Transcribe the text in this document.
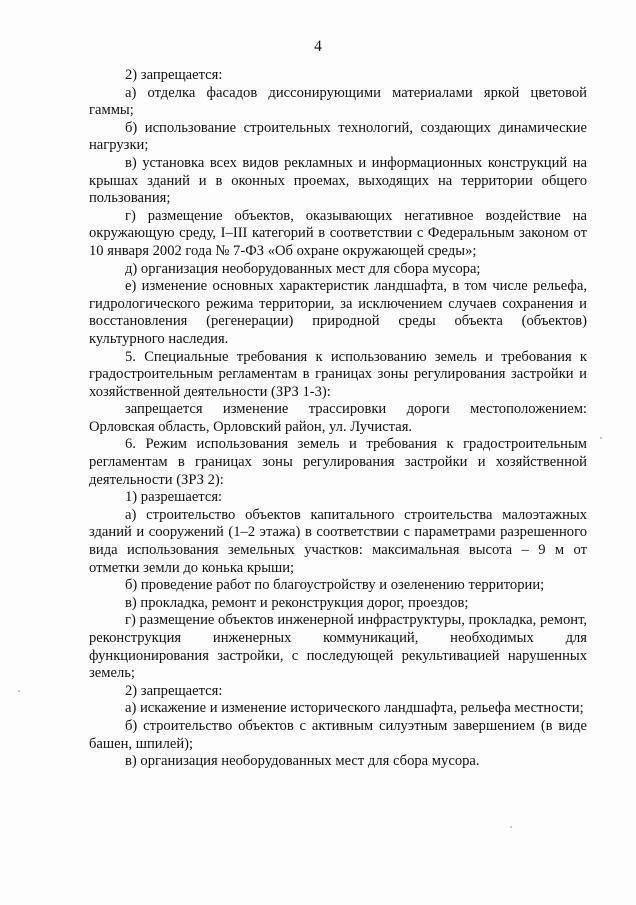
4

2) запрещается:

а) отделка фасадов диссонирующими материалами яркой цветовой гаммы;

б) использование строительных технологий, создающих динамические нагрузки;

в) установка всех видов рекламных и информационных конструкций на крышах зданий и в оконных проемах, выходящих на территории общего пользования;

г) размещение объектов, оказывающих негативное воздействие на окружающую среду, I–III категорий в соответствии с Федеральным законом от 10 января 2002 года № 7-ФЗ «Об охране окружающей среды»;

д) организация необорудованных мест для сбора мусора;

е) изменение основных характеристик ландшафта, в том числе рельефа, гидрологического режима территории, за исключением случаев сохранения и восстановления (регенерации) природной среды объекта (объектов) культурного наследия.

5. Специальные требования к использованию земель и требования к градостроительным регламентам в границах зоны регулирования застройки и хозяйственной деятельности (ЗРЗ 1-3):

запрещается изменение трассировки дороги местоположением: Орловская область, Орловский район, ул. Лучистая.

6. Режим использования земель и требования к градостроительным регламентам в границах зоны регулирования застройки и хозяйственной деятельности (ЗРЗ 2):

1) разрешается:

а) строительство объектов капитального строительства малоэтажных зданий и сооружений (1–2 этажа) в соответствии с параметрами разрешенного вида использования земельных участков: максимальная высота – 9 м от отметки земли до конька крыши;

б) проведение работ по благоустройству и озеленению территории;

в) прокладка, ремонт и реконструкция дорог, проездов;

г) размещение объектов инженерной инфраструктуры, прокладка, ремонт, реконструкция инженерных коммуникаций, необходимых для функционирования застройки, с последующей рекультивацией нарушенных земель;

2) запрещается:

а) искажение и изменение исторического ландшафта, рельефа местности;

б) строительство объектов с активным силуэтным завершением (в виде башен, шпилей);

в) организация необорудованных мест для сбора мусора.
